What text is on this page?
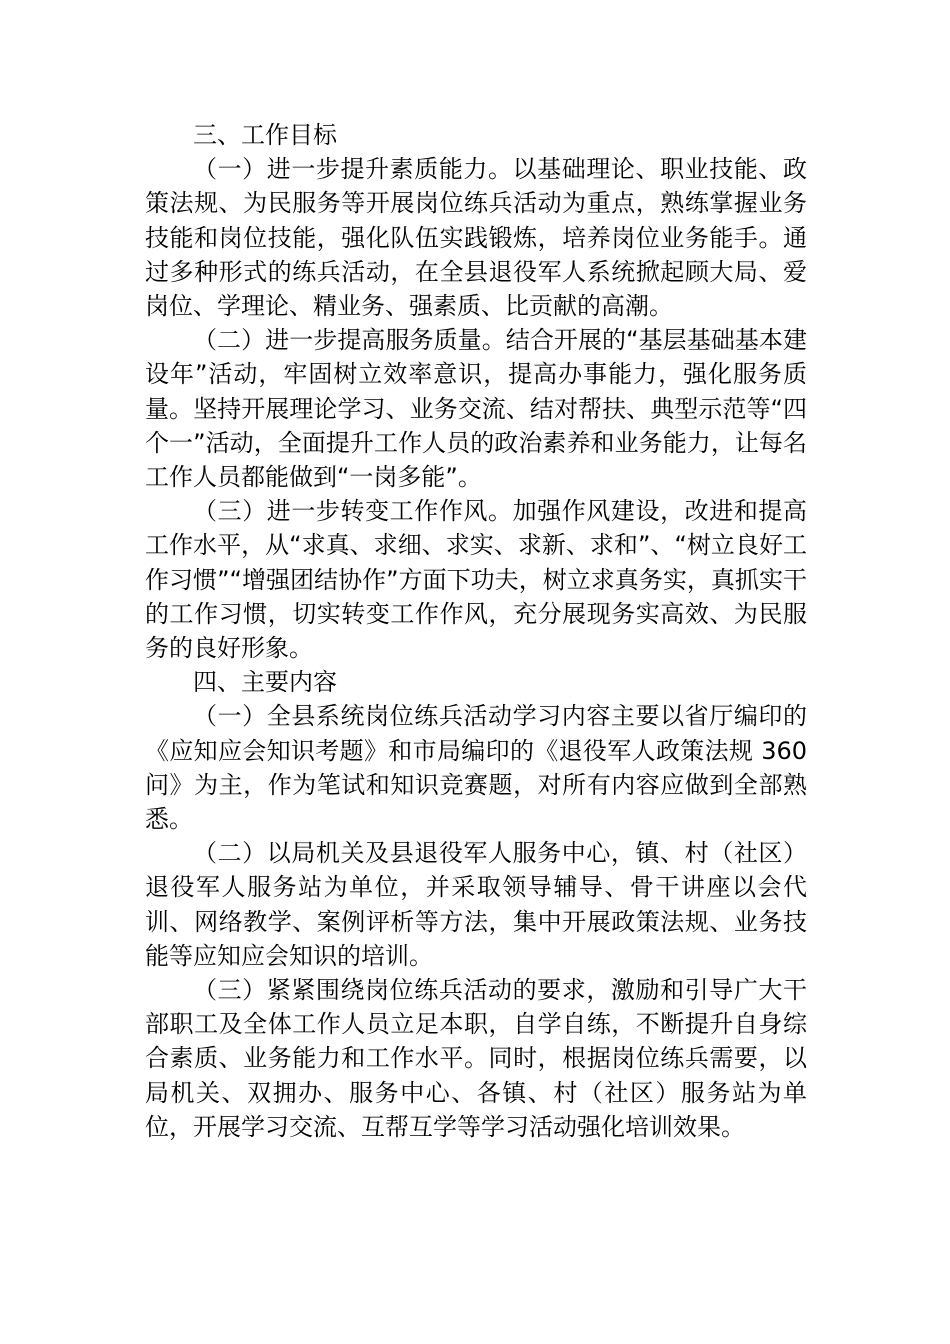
三、工作目标

（一）进一步提升素质能力。以基础理论、职业技能、政策法规、为民服务等开展岗位练兵活动为重点，熟练掌握业务技能和岗位技能，强化队伍实践锻炼，培养岗位业务能手。通过多种形式的练兵活动，在全县退役军人系统掀起顾大局、爱岗位、学理论、精业务、强素质、比贡献的高潮。

（二）进一步提高服务质量。结合开展的“基层基础基本建设年”活动，牢固树立效率意识，提高办事能力，强化服务质量。坚持开展理论学习、业务交流、结对帮扶、典型示范等“四个一”活动，全面提升工作人员的政治素养和业务能力，让每名工作人员都能做到“一岗多能”。

（三）进一步转变工作作风。加强作风建设，改进和提高工作水平，从“求真、求细、求实、求新、求和”、“树立良好工作习惯”“增强团结协作”方面下功夫，树立求真务实，真抓实干的工作习惯，切实转变工作作风，充分展现务实高效、为民服务的良好形象。

四、主要内容

（一）全县系统岗位练兵活动学习内容主要以省厅编印的《应知应会知识考题》和市局编印的《退役军人政策法规 360 问》为主，作为笔试和知识竞赛题，对所有内容应做到全部熟悉。

（二）以局机关及县退役军人服务中心，镇、村（社区）退役军人服务站为单位，并采取领导辅导、骨干讲座以会代训、网络教学、案例评析等方法，集中开展政策法规、业务技能等应知应会知识的培训。

（三）紧紧围绕岗位练兵活动的要求，激励和引导广大干部职工及全体工作人员立足本职，自学自练，不断提升自身综合素质、业务能力和工作水平。同时，根据岗位练兵需要，以局机关、双拥办、服务中心、各镇、村（社区）服务站为单位，开展学习交流、互帮互学等学习活动强化培训效果。
